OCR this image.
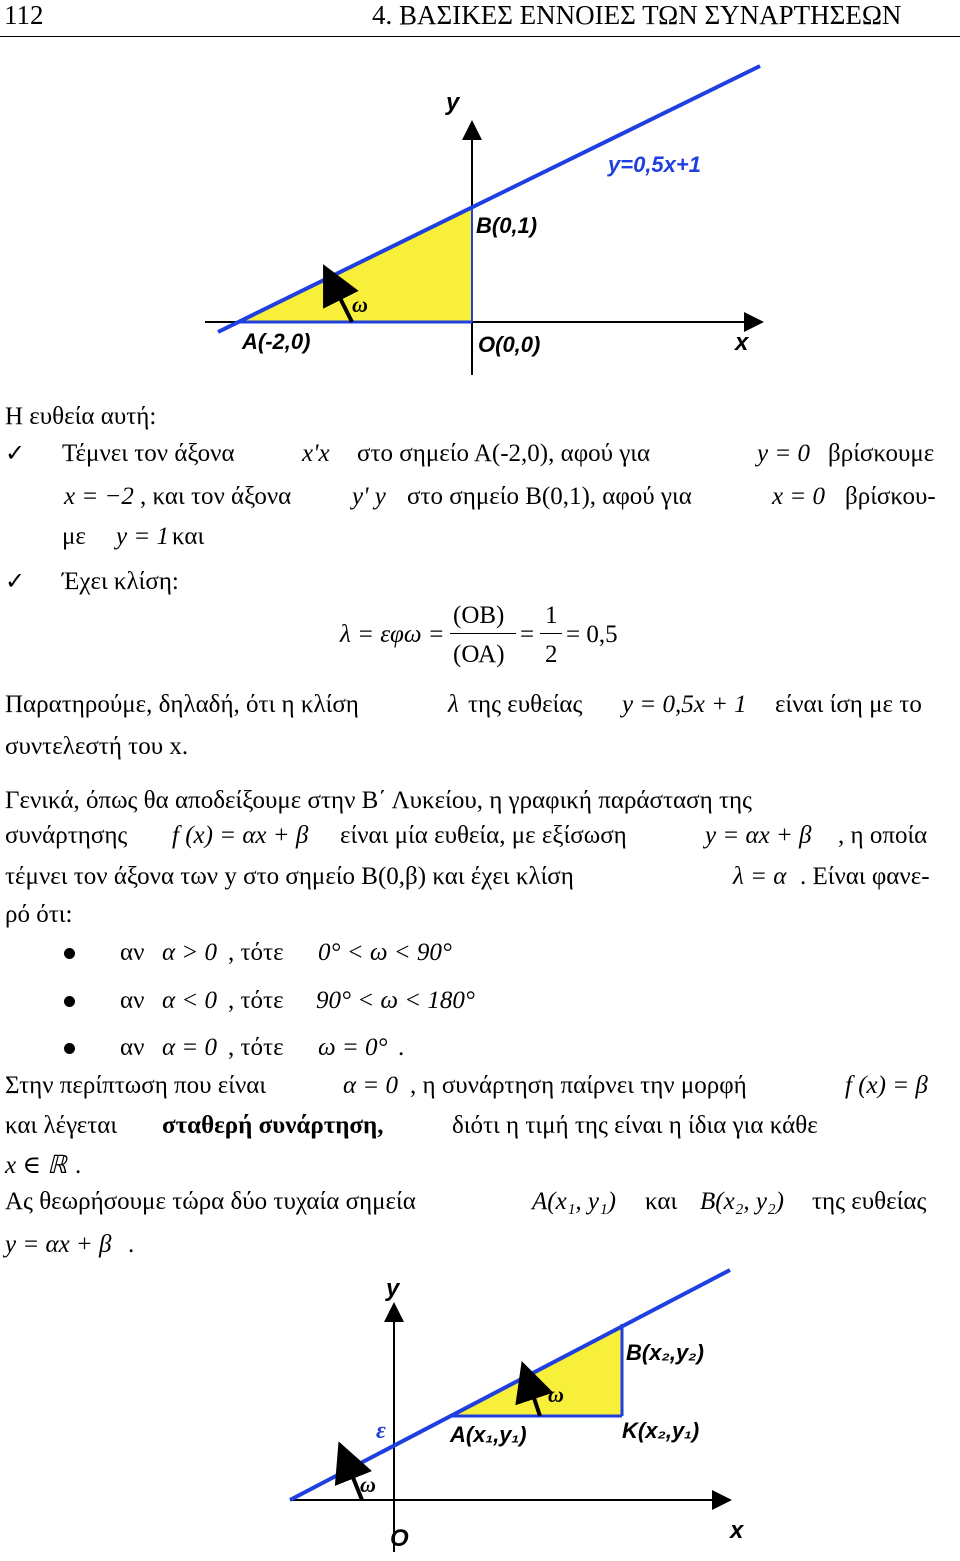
112	4. ΒΑΣΙΚΕΣ ΕΝΝΟΙΕΣ ΤΩΝ ΣΥΝΑΡΤΗΣΕΩΝ
y
x
y=0,5x+1
B(0,1)
A(-2,0)	O(0,0)
ω
Η ευθεία αυτή:
✓ Τέμνει τον άξονα	x'x στο σημείο Α(-2,0), αφού για	y = 0 βρίσκουμε
x = −2 , και τον άξονα y' y στο σημείο Β(0,1), αφού για	x = 0 βρίσκου-
με y = 1 και
✓ Έχει κλίση:
λ = εφω =
(ΟΒ)
(ΟΑ)
=
1
2
= 0,5
Παρατηρούμε, δηλαδή, ότι η κλίση	λ της ευθείας y = 0,5x + 1 είναι ίση με το
συντελεστή του x.
Γενικά, όπως θα αποδείξουμε στην Β΄ Λυκείου, η γραφική παράσταση της
συνάρτησης f (x) = αx + β είναι μία ευθεία, με εξίσωση	y = αx + β , η οποία
τέμνει τον άξονα των y στο σημείο Β(0,β) και έχει κλίση	λ = α . Είναι φανε-
ρό ότι:
αν α > 0 , τότε 0° < ω < 90°
αν α < 0 , τότε 90° < ω < 180°
αν α = 0 , τότε ω = 0° .
Στην περίπτωση που είναι	α = 0 , η συνάρτηση παίρνει την μορφή	f (x) = β
και λέγεται σταθερή συνάρτηση,	διότι η τιμή της είναι η ίδια για κάθε
x ∈ ℝ .
Ας θεωρήσουμε τώρα δύο τυχαία σημεία	Α(x₁, y₁) και Β(x₂, y₂) της ευθείας
y = αx + β .
y
x
O
B(x₂,y₂)
A(x₁,y₁)	K(x₂,y₁)
ε
ω
ω
